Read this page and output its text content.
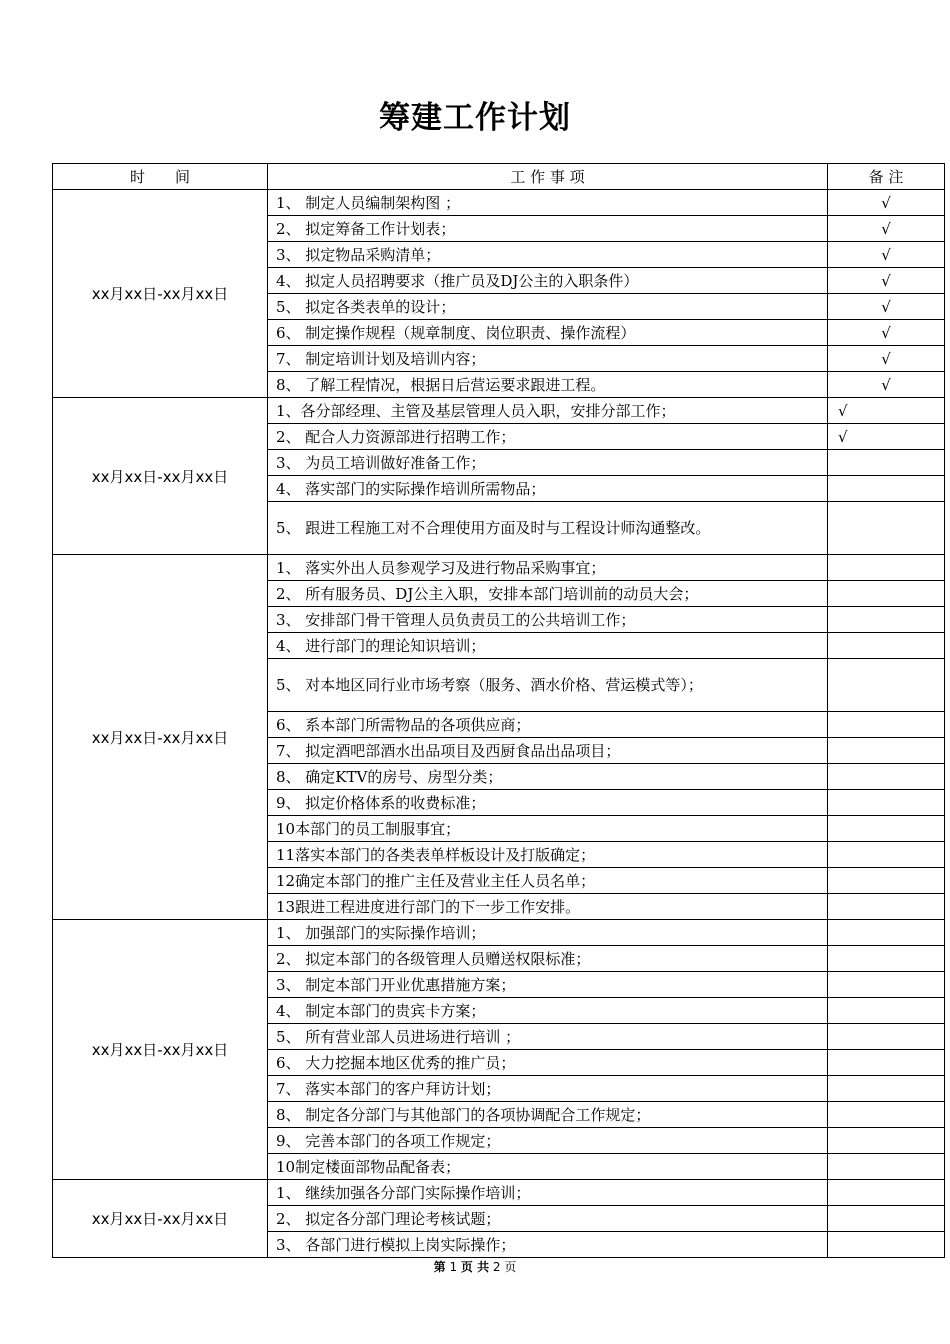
筹建工作计划
时　　间	工 作 事 项	备 注
xx月xx日-xx月xx日	1、 制定人员编制架构图 ；	√
	2、 拟定筹备工作计划表；	√
	3、 拟定物品采购清单；	√
	4、 拟定人员招聘要求（推广员及DJ公主的入职条件）	√
	5、 拟定各类表单的设计；	√
	6、 制定操作规程（规章制度、岗位职责、操作流程）	√
	7、 制定培训计划及培训内容；	√
	8、 了解工程情况，根据日后营运要求跟进工程。	√
xx月xx日-xx月xx日	1、各分部经理、主管及基层管理人员入职，安排分部工作；	√
	2、 配合人力资源部进行招聘工作；	√
	3、 为员工培训做好准备工作；	
	4、 落实部门的实际操作培训所需物品；	
	5、 跟进工程施工对不合理使用方面及时与工程设计师沟通整改。	
xx月xx日-xx月xx日	1、 落实外出人员参观学习及进行物品采购事宜；	
	2、 所有服务员、DJ公主入职，安排本部门培训前的动员大会；	
	3、 安排部门骨干管理人员负责员工的公共培训工作；	
	4、 进行部门的理论知识培训；	
	5、 对本地区同行业市场考察（服务、酒水价格、营运模式等）；	
	6、 系本部门所需物品的各项供应商；	
	7、 拟定酒吧部酒水出品项目及西厨食品出品项目；	
	8、 确定KTV的房号、房型分类；	
	9、 拟定价格体系的收费标准；	
	10本部门的员工制服事宜；	
	11落实本部门的各类表单样板设计及打版确定；	
	12确定本部门的推广主任及营业主任人员名单；	
	13跟进工程进度进行部门的下一步工作安排。	
xx月xx日-xx月xx日	1、 加强部门的实际操作培训；	
	2、 拟定本部门的各级管理人员赠送权限标准；	
	3、 制定本部门开业优惠措施方案；	
	4、 制定本部门的贵宾卡方案；	
	5、 所有营业部人员进场进行培训 ；	
	6、 大力挖掘本地区优秀的推广员；	
	7、 落实本部门的客户拜访计划；	
	8、 制定各分部门与其他部门的各项协调配合工作规定；	
	9、 完善本部门的各项工作规定；	
	10制定楼面部物品配备表；	
xx月xx日-xx月xx日	1、 继续加强各分部门实际操作培训；	
	2、 拟定各分部门理论考核试题；	
	3、 各部门进行模拟上岗实际操作；	
第 1 页 共 2 页
